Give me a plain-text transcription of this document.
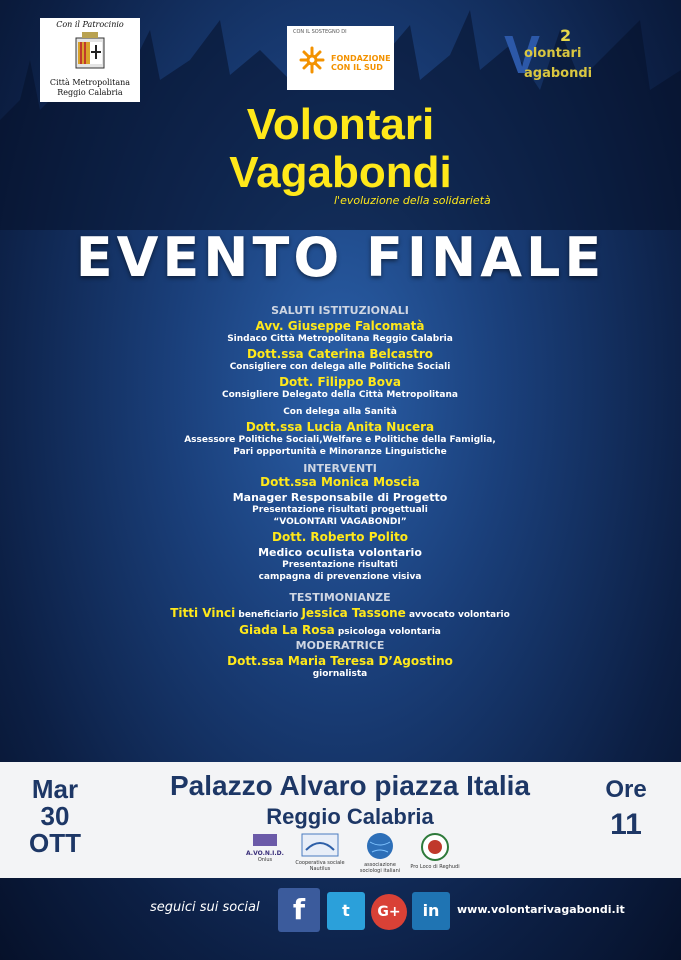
Con il Patrocinio
Città Metropolitana
Reggio Calabria
CON IL SOSTEGNO DI
FONDAZIONE
CON IL SUD V 2
olontari
agabondi
Volontari
Vagabondi
l'evoluzione della solidarietà
EVENTO FINALE
SALUTI ISTITUZIONALI
Avv. Giuseppe Falcomatà
Sindaco Città Metropolitana Reggio Calabria
Dott.ssa Caterina Belcastro
Consigliere con delega alle Politiche Sociali
Dott. Filippo Bova
Consigliere Delegato della Città Metropolitana
Con delega alla Sanità
Dott.ssa Lucia Anita Nucera
Assessore Politiche Sociali,Welfare e Politiche della Famiglia,
Pari opportunità e Minoranze Linguistiche
INTERVENTI
Dott.ssa Monica Moscia
Manager Responsabile di Progetto
Presentazione risultati progettuali
“VOLONTARI VAGABONDI”
Dott. Roberto Polito
Medico oculista volontario
Presentazione risultati
campagna di prevenzione visiva
TESTIMONIANZE
Titti Vinci beneficiario Jessica Tassone avvocato volontario
Giada La Rosa psicologa volontaria
MODERATRICE
Dott.ssa Maria Teresa D’Agostino
giornalista
Mar
30
OTT
Palazzo Alvaro piazza Italia
Reggio Calabria
Ore
11
A.VO.N.I.D.
Onlus	Cooperativa sociale Nautilus
associazione sociologi italiani
Pro Loco di Reghudi
seguici sui social	f	t	G+	in	www.volontarivagabondi.it
